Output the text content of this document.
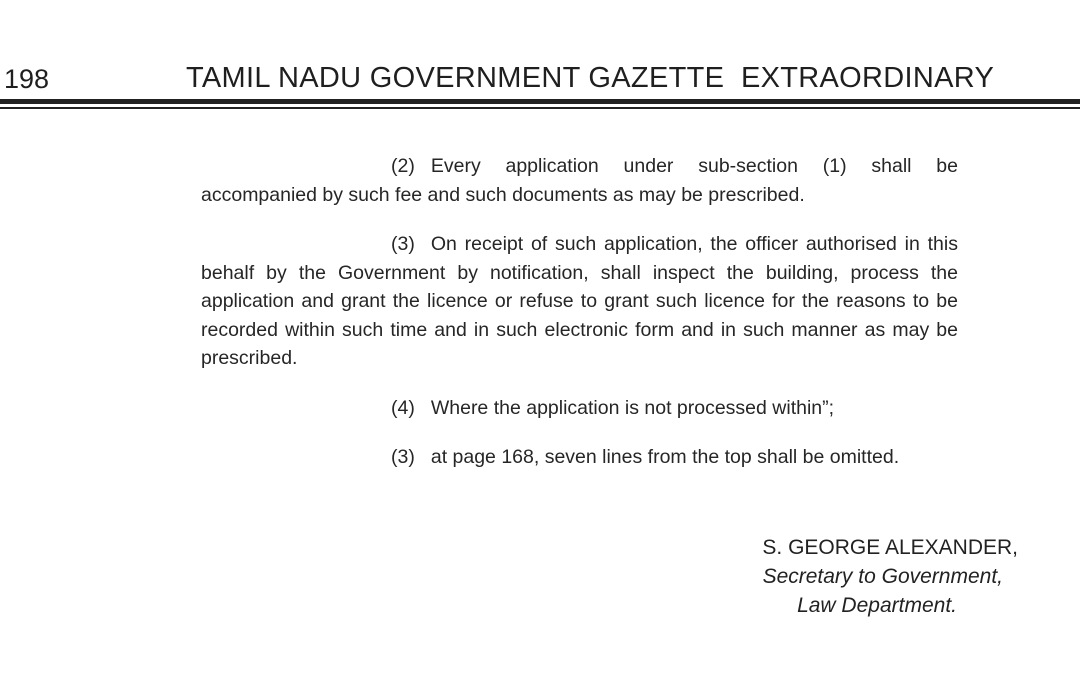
198	TAMIL NADU GOVERNMENT GAZETTE  EXTRAORDINARY

(2) Every application under sub-section (1) shall be accompanied by such fee and such documents as may be prescribed.

(3) On receipt of such application, the officer authorised in this behalf by the Government by notification, shall inspect the building, process the application and grant the licence or refuse to grant such licence for the reasons to be recorded within such time and in such electronic form and in such manner as may be prescribed.

(4) Where the application is not processed within”;

(3) at page 168, seven lines from the top shall be omitted.

S. GEORGE ALEXANDER,
Secretary to Government,
Law Department.
